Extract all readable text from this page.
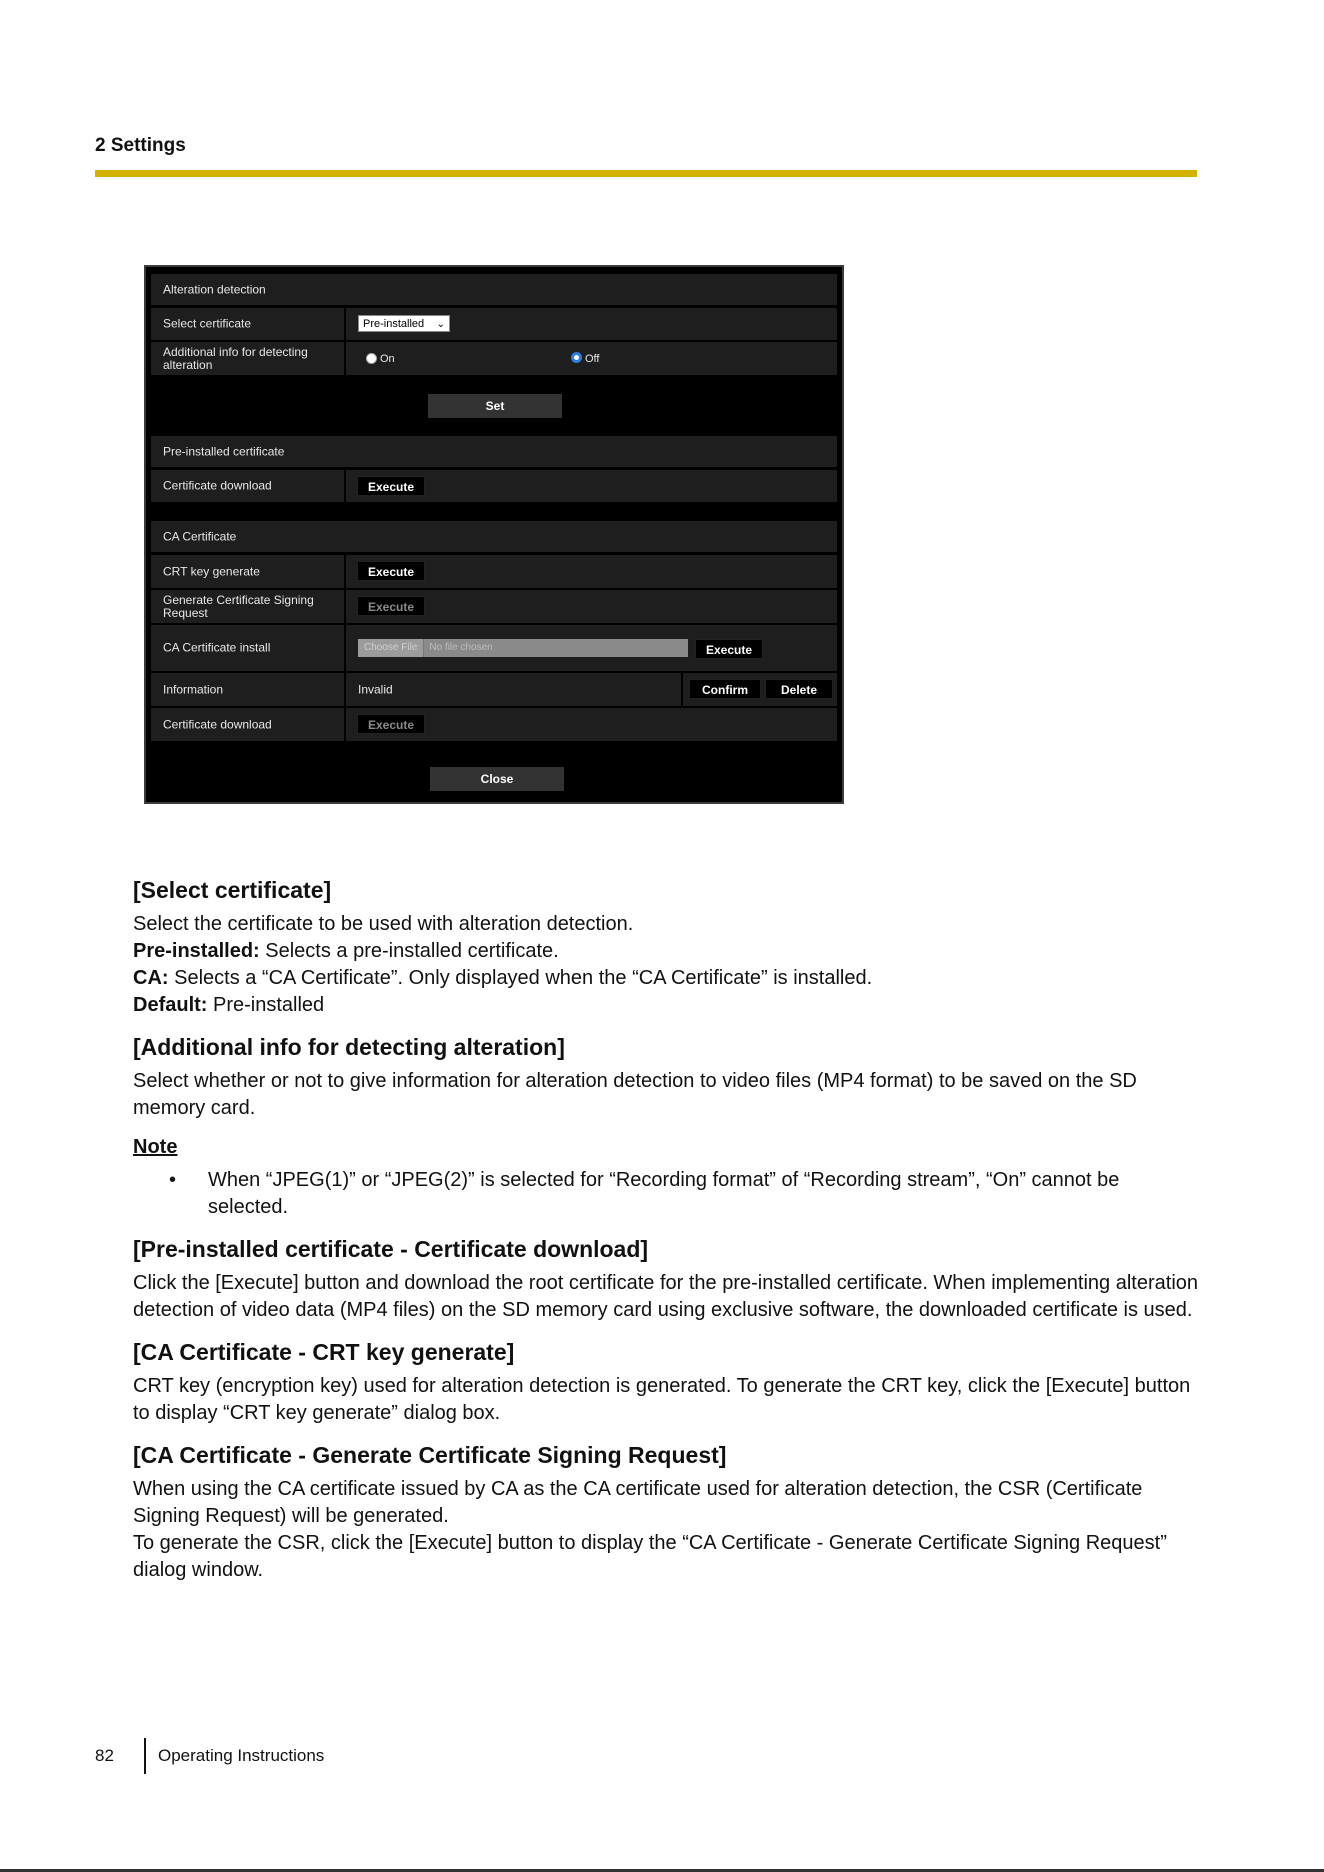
2 Settings
Alteration detection
Select certificate	Pre-installed ⌄
Additional info for detecting alteration	On	Off
Set
Pre-installed certificate
Certificate download	Execute
CA Certificate
CRT key generate	Execute
Generate Certificate Signing Request	Execute
CA Certificate install	Choose File No file chosen	Execute
Information	Invalid	Confirm	Delete
Certificate download	Execute
Close
[Select certificate]

Select the certificate to be used with alteration detection.

Pre-installed: Selects a pre-installed certificate.

CA: Selects a “CA Certificate”. Only displayed when the “CA Certificate” is installed.

Default: Pre-installed

[Additional info for detecting alteration]

Select whether or not to give information for alteration detection to video files (MP4 format) to be saved on the SD memory card.

Note

• When “JPEG(1)” or “JPEG(2)” is selected for “Recording format” of “Recording stream”, “On” cannot be selected.
[Pre-installed certificate - Certificate download]

Click the [Execute] button and download the root certificate for the pre-installed certificate. When implementing alteration detection of video data (MP4 files) on the SD memory card using exclusive software, the downloaded certificate is used.

[CA Certificate - CRT key generate]

CRT key (encryption key) used for alteration detection is generated. To generate the CRT key, click the [Execute] button to display “CRT key generate” dialog box.

[CA Certificate - Generate Certificate Signing Request]

When using the CA certificate issued by CA as the CA certificate used for alteration detection, the CSR (Certificate Signing Request) will be generated.

To generate the CSR, click the [Execute] button to display the “CA Certificate - Generate Certificate Signing Request” dialog window.

82	Operating Instructions
